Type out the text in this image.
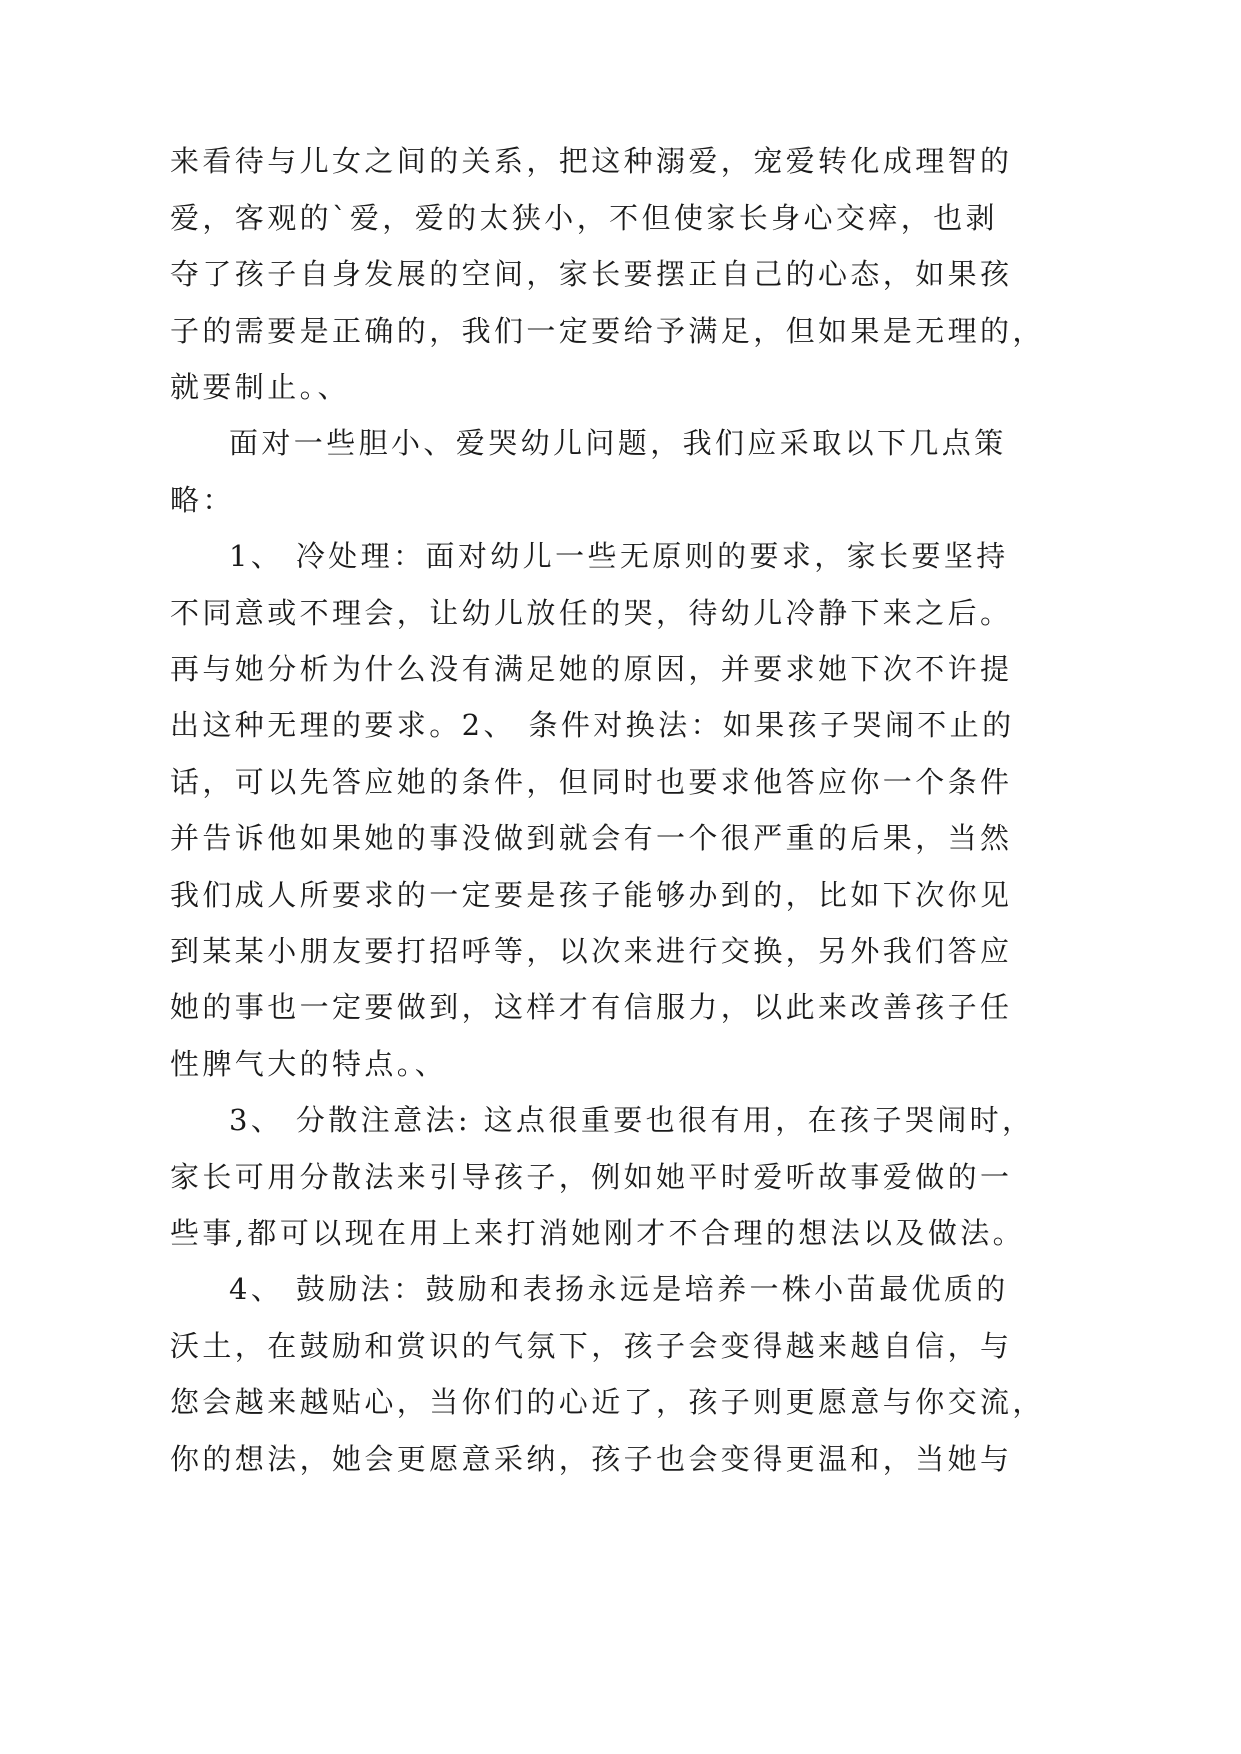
来看待与儿女之间的关系，把这种溺爱，宠爱转化成理智的
爱，客观的`爱，爱的太狭小，不但使家长身心交瘁，也剥
夺了孩子自身发展的空间，家长要摆正自己的心态，如果孩
子的需要是正确的，我们一定要给予满足，但如果是无理的，
就要制止。、
面对一些胆小、爱哭幼儿问题，我们应采取以下几点策
略：
1、 冷处理：面对幼儿一些无原则的要求，家长要坚持
不同意或不理会，让幼儿放任的哭，待幼儿冷静下来之后。
再与她分析为什么没有满足她的原因，并要求她下次不许提
出这种无理的要求。2、 条件对换法：如果孩子哭闹不止的
话，可以先答应她的条件，但同时也要求他答应你一个条件
并告诉他如果她的事没做到就会有一个很严重的后果，当然
我们成人所要求的一定要是孩子能够办到的，比如下次你见
到某某小朋友要打招呼等，以次来进行交换，另外我们答应
她的事也一定要做到，这样才有信服力，以此来改善孩子任
性脾气大的特点。、
3、 分散注意法: 这点很重要也很有用，在孩子哭闹时，
家长可用分散法来引导孩子，例如她平时爱听故事爱做的一
些事,都可以现在用上来打消她刚才不合理的想法以及做法。
4、 鼓励法：鼓励和表扬永远是培养一株小苗最优质的
沃土，在鼓励和赏识的气氛下，孩子会变得越来越自信，与
您会越来越贴心，当你们的心近了，孩子则更愿意与你交流，
你的想法，她会更愿意采纳，孩子也会变得更温和，当她与
